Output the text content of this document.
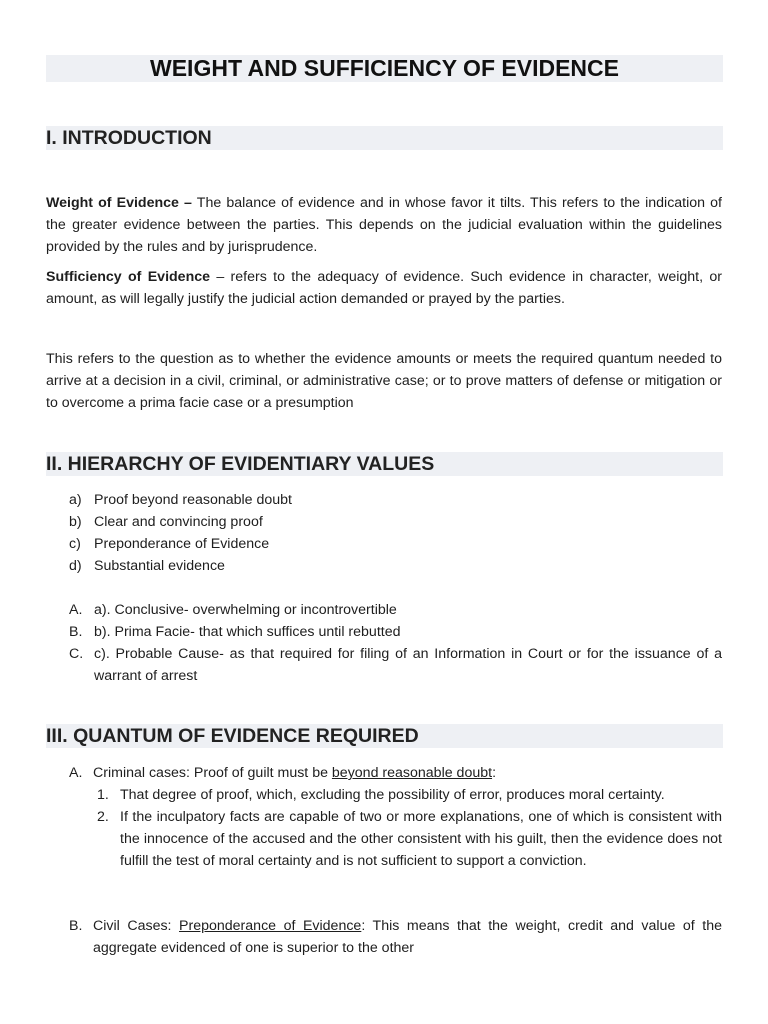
WEIGHT AND SUFFICIENCY OF EVIDENCE
I. INTRODUCTION

Weight of Evidence – The balance of evidence and in whose favor it tilts. This refers to the indication of the greater evidence between the parties. This depends on the judicial evaluation within the guidelines provided by the rules and by jurisprudence.

Sufficiency of Evidence – refers to the adequacy of evidence. Such evidence in character, weight, or amount, as will legally justify the judicial action demanded or prayed by the parties.

This refers to the question as to whether the evidence amounts or meets the required quantum needed to arrive at a decision in a civil, criminal, or administrative case; or to prove matters of defense or mitigation or to overcome a prima facie case or a presumption

II. HIERARCHY OF EVIDENTIARY VALUES
a) Proof beyond reasonable doubt
b) Clear and convincing proof
c) Preponderance of Evidence
d) Substantial evidence
A. a). Conclusive- overwhelming or incontrovertible
B. b). Prima Facie- that which suffices until rebutted
C. c). Probable Cause- as that required for filing of an Information in Court or for the issuance of a warrant of arrest
III. QUANTUM OF EVIDENCE REQUIRED
A. Criminal cases: Proof of guilt must be beyond reasonable doubt:
1. That degree of proof, which, excluding the possibility of error, produces moral certainty.
2. If the inculpatory facts are capable of two or more explanations, one of which is consistent with the innocence of the accused and the other consistent with his guilt, then the evidence does not fulfill the test of moral certainty and is not sufficient to support a conviction.
B. Civil Cases: Preponderance of Evidence: This means that the weight, credit and value of the aggregate evidenced of one is superior to the other
